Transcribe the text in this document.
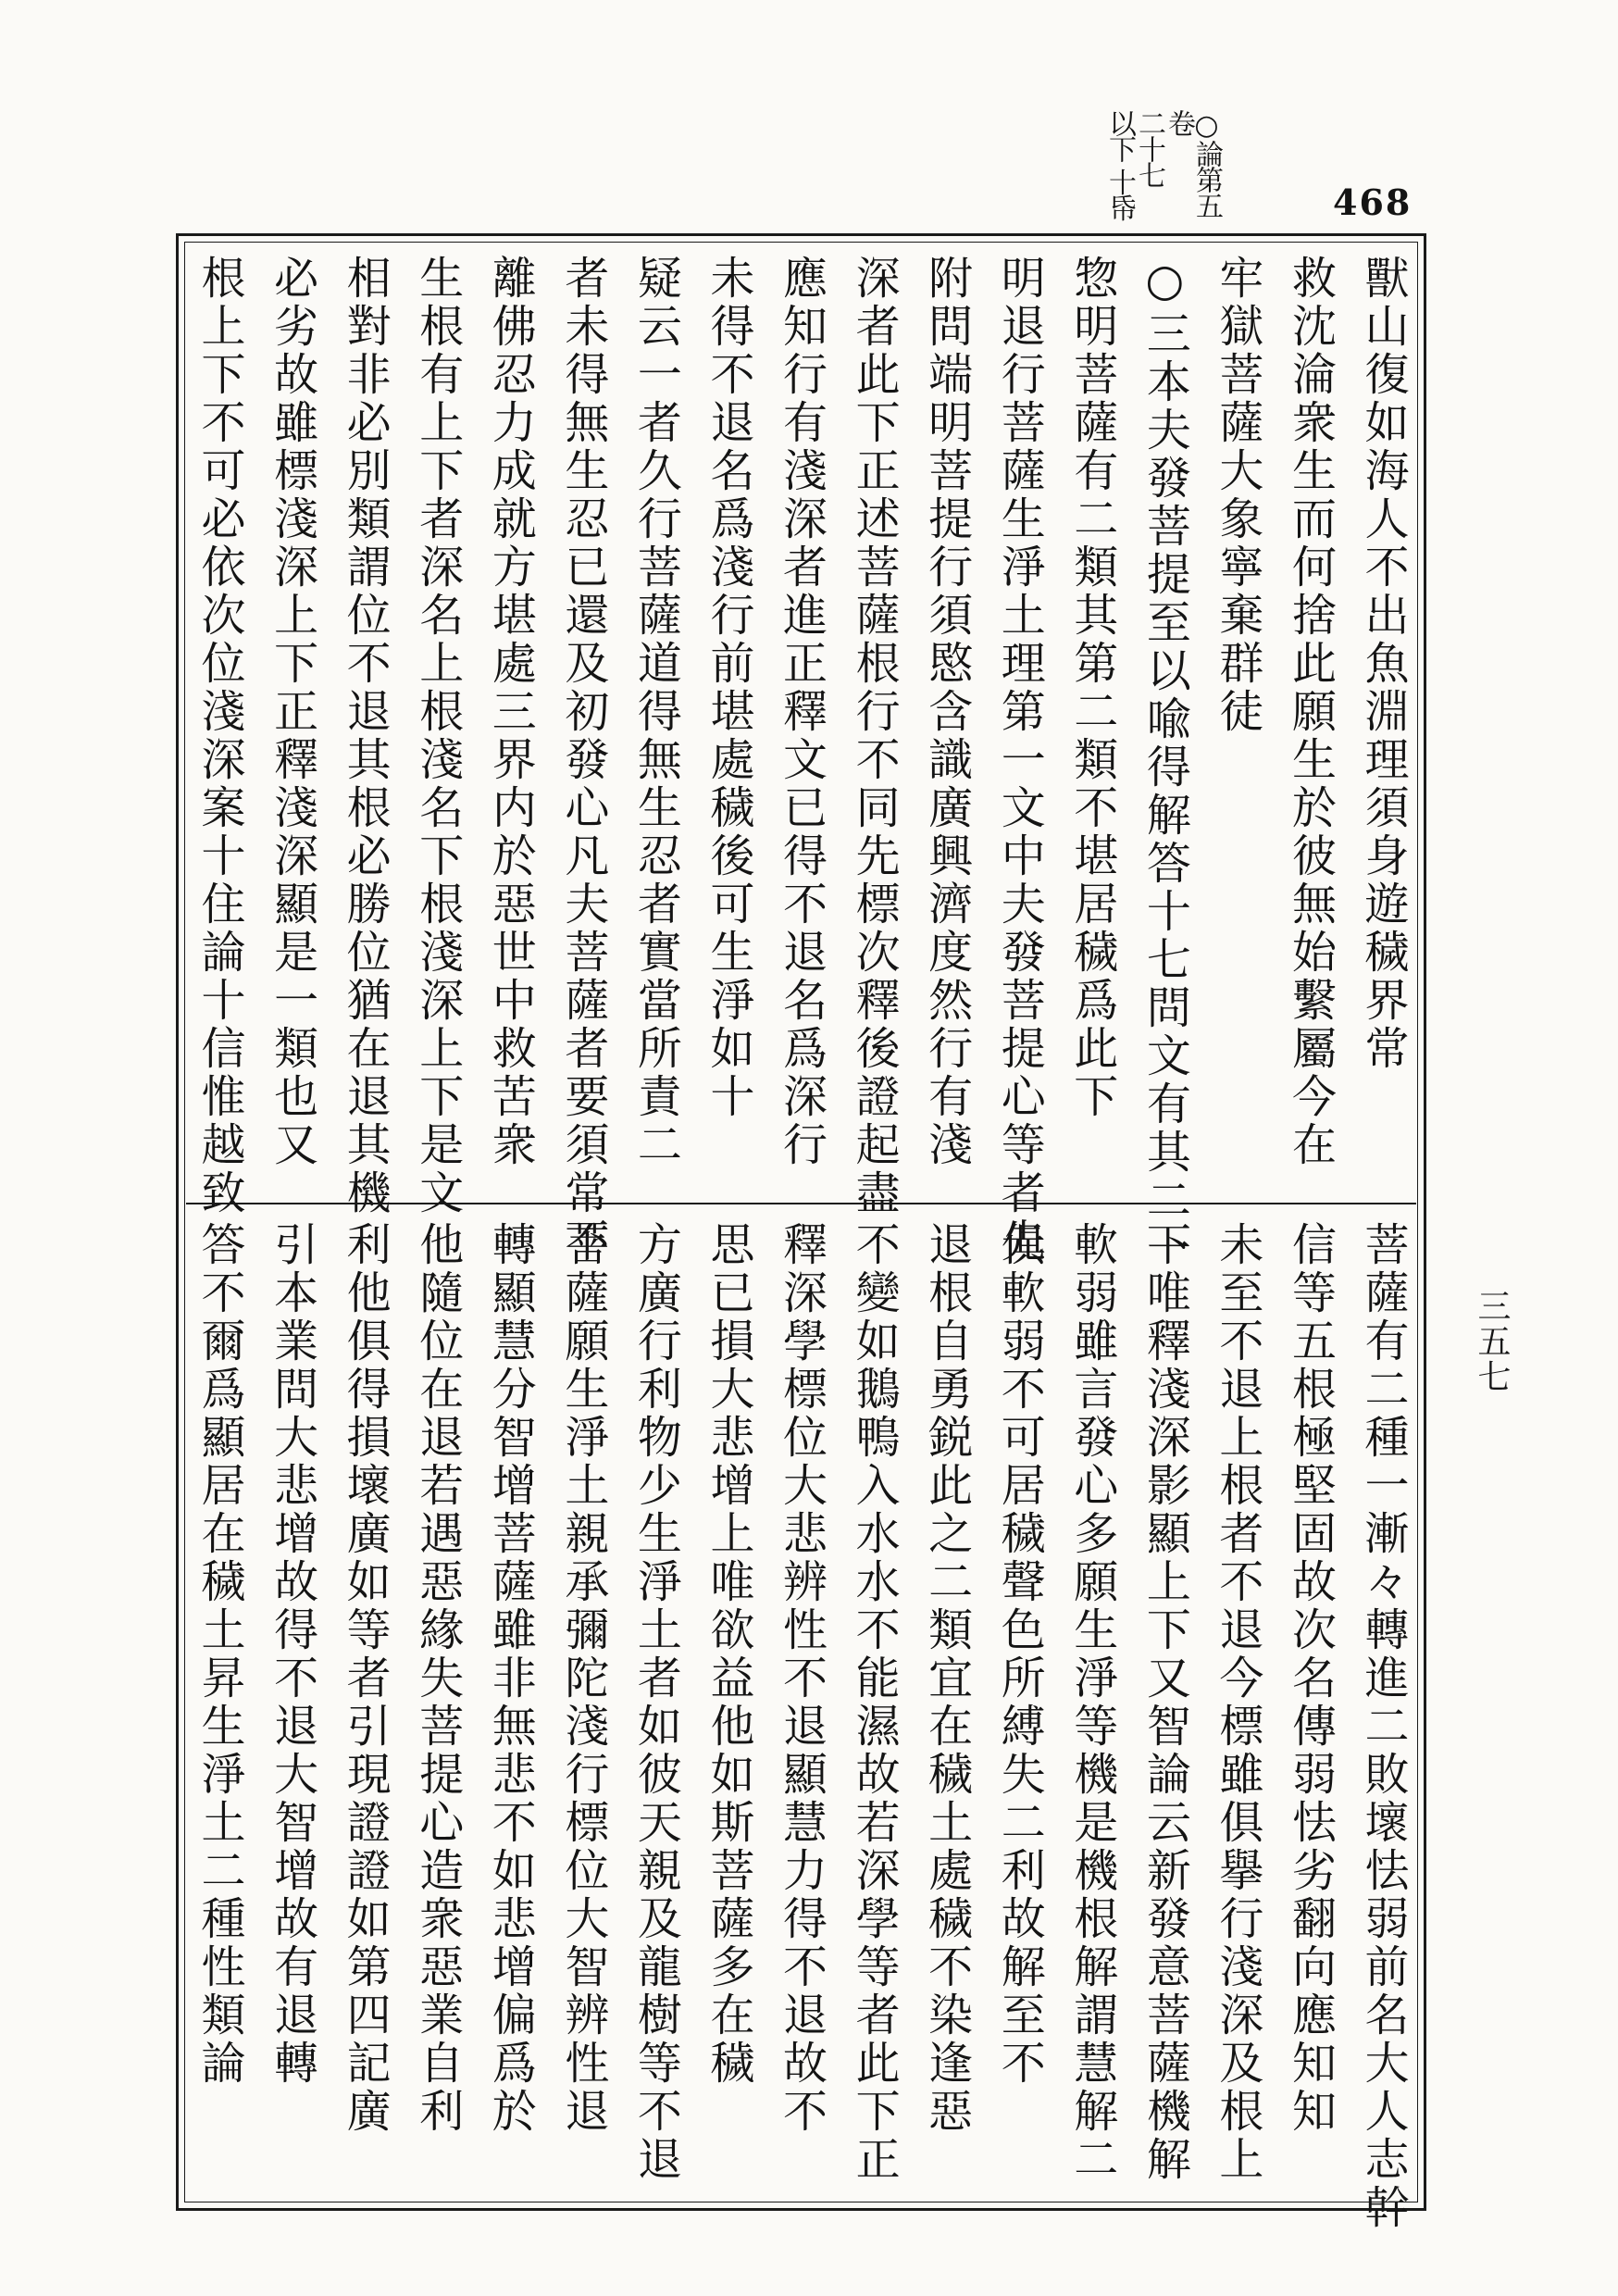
468
○論第五卷
二十七
以下 十帋
三五七
獸山復如海人不出魚淵理須身遊穢界常
救沈淪衆生而何捨此願生於彼無始繫屬今在
牢獄菩薩大象寧棄群徒
○三本夫發菩提至以喩得解答十七問文有其二一
惣明菩薩有二類其第二類不堪居穢爲此下
明退行菩薩生淨土理第一文中夫發菩提心等者先
附問端明菩提行須愍含識廣興濟度然行有淺
深者此下正述菩薩根行不同先標次釋後證起盡
應知行有淺深者進正釋文已得不退名爲深行
未得不退名爲淺行前堪處穢後可生淨如十
疑云一者久行菩薩道得無生忍者實當所責二
者未得無生忍已還及初發心凡夫菩薩者要須常不
離佛忍力成就方堪處三界内於惡世中救苦衆
生根有上下者深名上根淺名下根淺深上下是文
相對非必別類謂位不退其根必勝位猶在退其機
必劣故雖標淺深上下正釋淺深顯是一類也又
根上下不可必依次位淺深案十住論十信惟越致
菩薩有二種一漸々轉進二敗壞怯弱前名大人志幹
信等五根極堅固故次名傳弱怯劣翻向應知知
未至不退上根者不退今標雖俱擧行淺深及根上
下唯釋淺深影顯上下又智論云新發意菩薩機解
軟弱雖言發心多願生淨等機是機根解謂慧解二
俱軟弱不可居穢聲色所縛失二利故解至不
退根自勇鋭此之二類宜在穢土處穢不染逢惡
不變如鵝鴨入水水不能濕故若深學等者此下正
釋深學標位大悲辨性不退顯慧力得不退故不
思已損大悲增上唯欲益他如斯菩薩多在穢
方廣行利物少生淨土者如彼天親及龍樹等不退
菩薩願生淨土親承彌陀淺行標位大智辨性退
轉顯慧分智增菩薩雖非無悲不如悲增偏爲於
他隨位在退若遇惡緣失菩提心造衆惡業自利
利他俱得損壞廣如等者引現證證如第四記廣
引本業問大悲增故得不退大智增故有退轉
答不爾爲顯居在穢土昇生淨土二種性類論
